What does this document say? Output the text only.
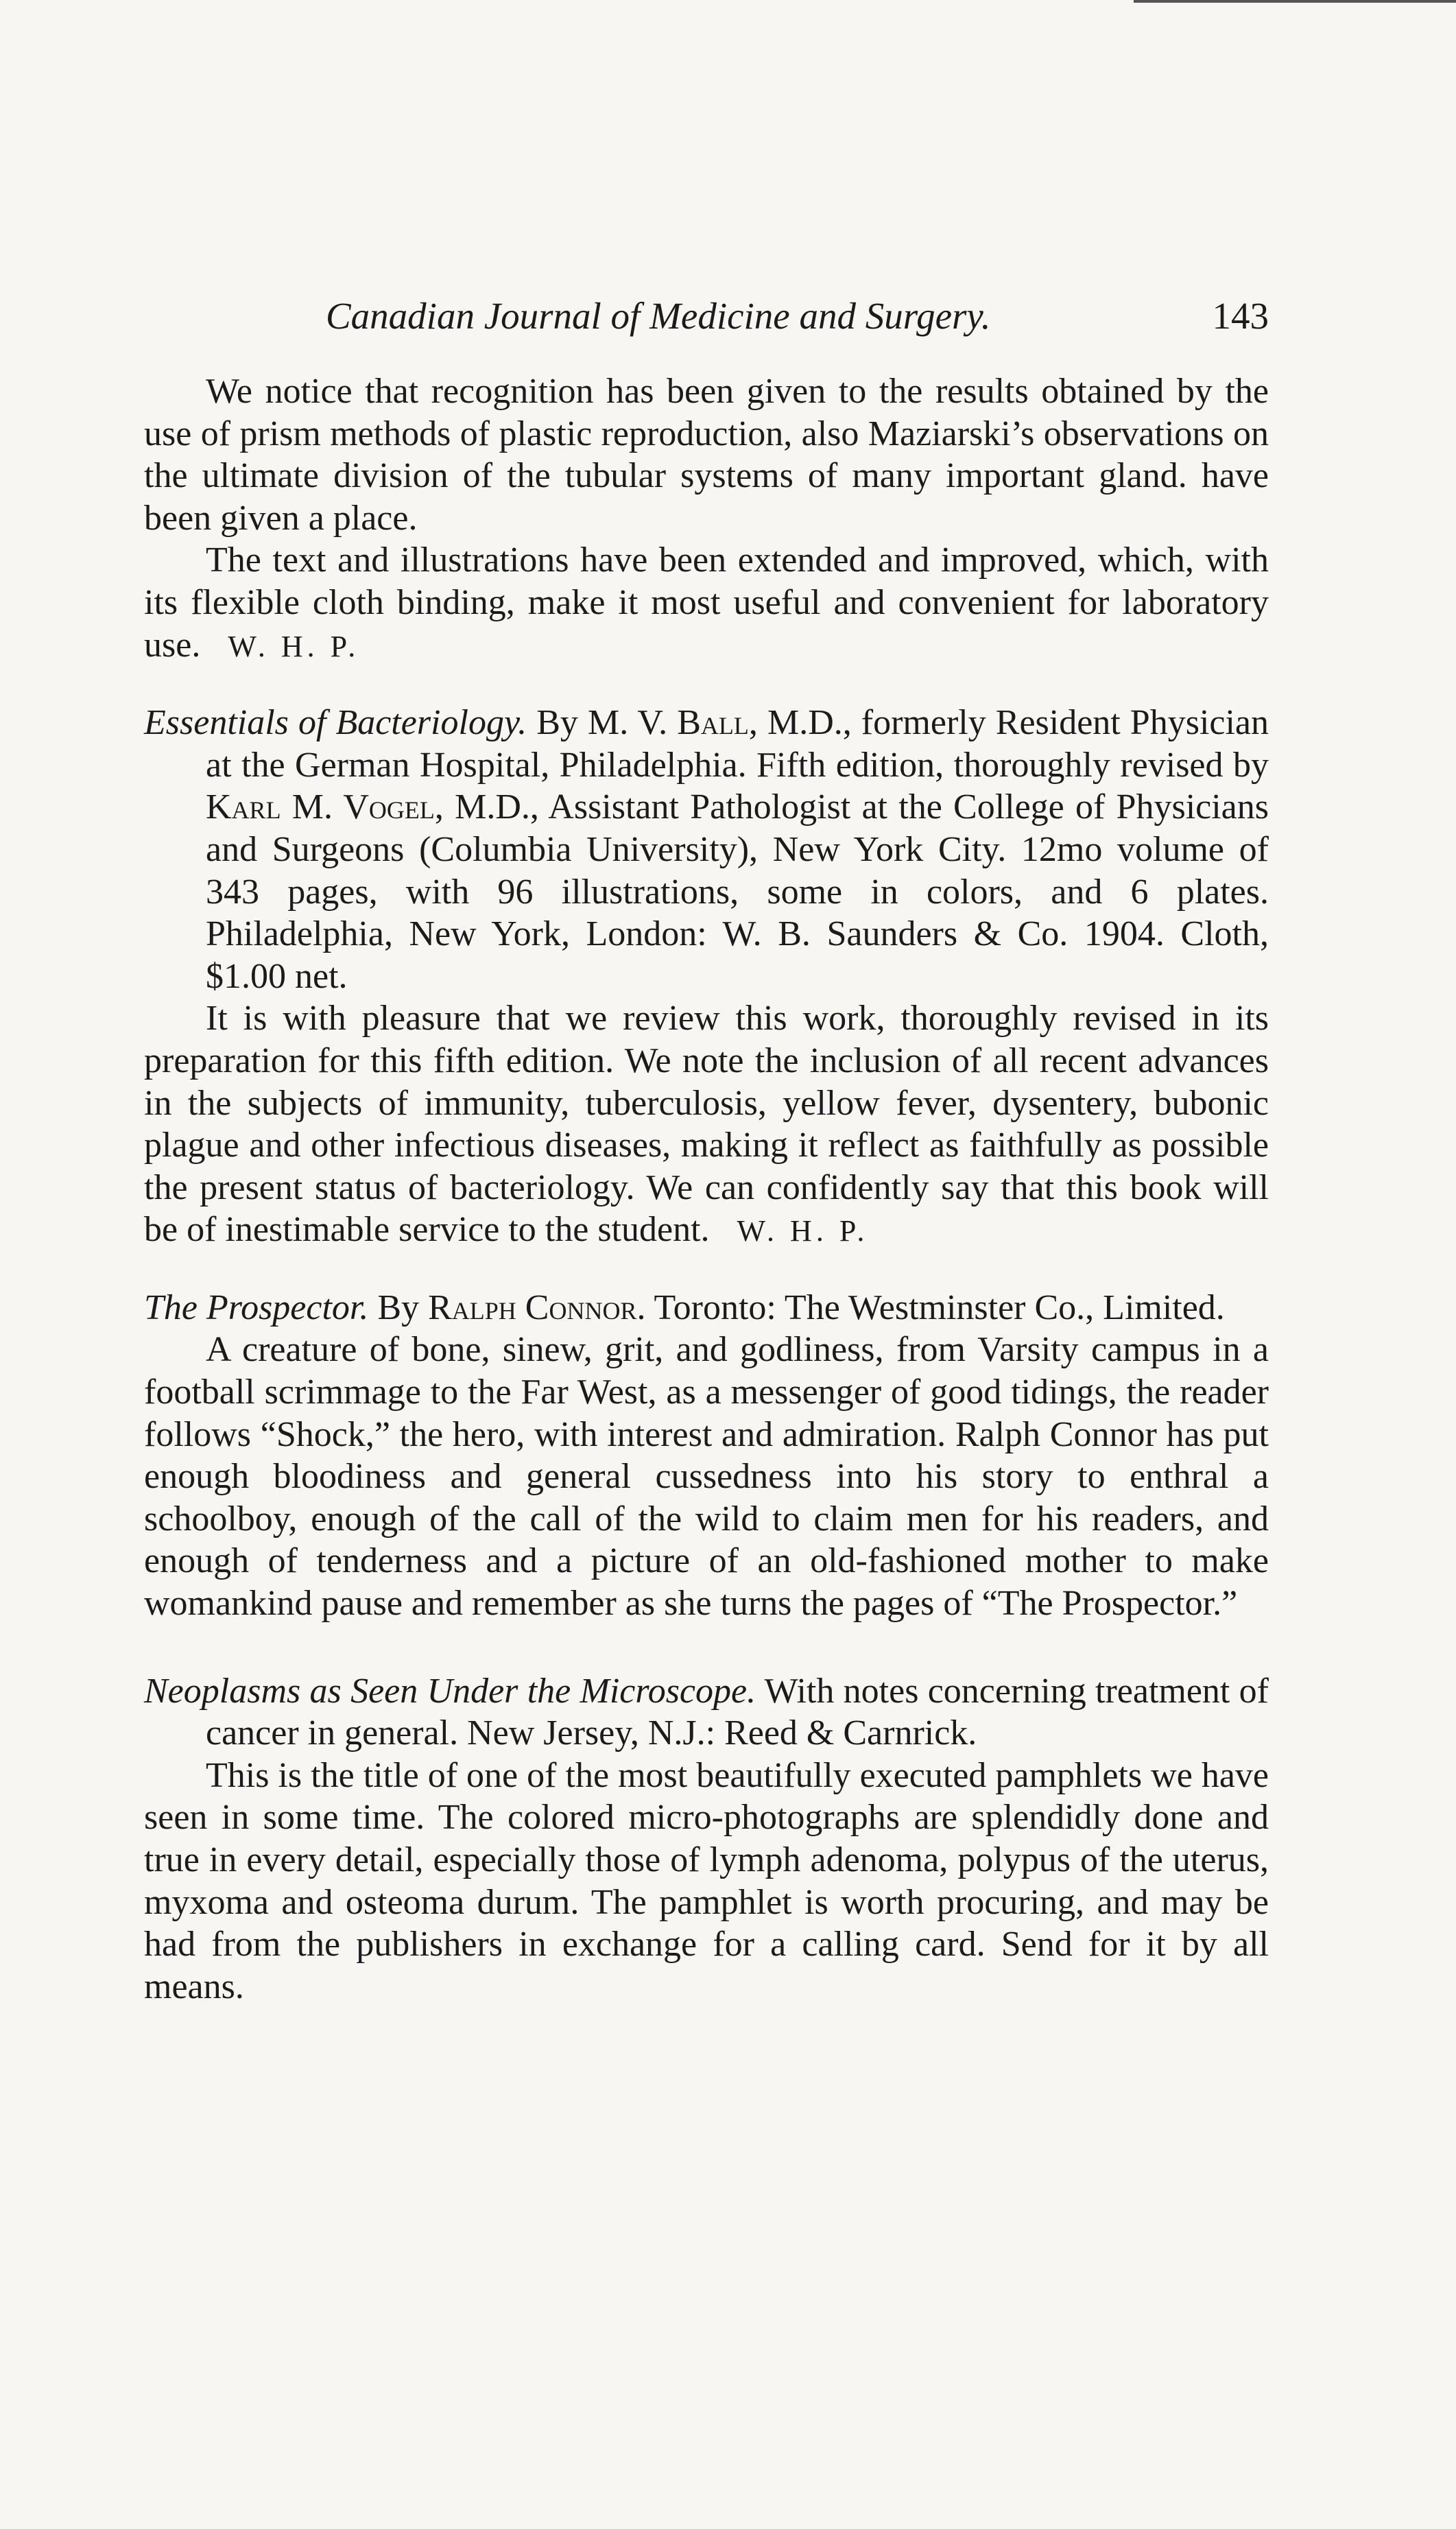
Canadian Journal of Medicine and Surgery.	143

We notice that recognition has been given to the results obtained by the use of prism methods of plastic reproduction, also Maziarski’s observations on the ultimate division of the tubular systems of many important gland. have been given a place.

The text and illustrations have been extended and improved, which, with its flexible cloth binding, make it most useful and convenient for laboratory use. W. H. P.

Essentials of Bacteriology. By M. V. Ball, M.D., formerly Resident Physician at the German Hospital, Philadelphia. Fifth edition, thoroughly revised by Karl M. Vogel, M.D., Assistant Pathologist at the College of Physicians and Surgeons (Columbia University), New York City. 12mo volume of 343 pages, with 96 illustrations, some in colors, and 6 plates. Philadelphia, New York, London: W. B. Saunders & Co. 1904. Cloth, $1.00 net.

It is with pleasure that we review this work, thoroughly revised in its preparation for this fifth edition. We note the inclusion of all recent advances in the subjects of immunity, tuberculosis, yellow fever, dysentery, bubonic plague and other infectious diseases, making it reflect as faithfully as possible the present status of bacteriology. We can confidently say that this book will be of inestimable service to the student. W. H. P.

The Prospector. By Ralph Connor. Toronto: The Westminster Co., Limited.

A creature of bone, sinew, grit, and godliness, from Varsity campus in a football scrimmage to the Far West, as a messenger of good tidings, the reader follows “Shock,” the hero, with interest and admiration. Ralph Connor has put enough bloodiness and general cussedness into his story to enthral a schoolboy, enough of the call of the wild to claim men for his readers, and enough of tenderness and a picture of an old-fashioned mother to make womankind pause and remember as she turns the pages of “The Prospector.”

Neoplasms as Seen Under the Microscope. With notes concerning treatment of cancer in general. New Jersey, N.J.: Reed & Carnrick.

This is the title of one of the most beautifully executed pamphlets we have seen in some time. The colored micro-photographs are splendidly done and true in every detail, especially those of lymph adenoma, polypus of the uterus, myxoma and osteoma durum. The pamphlet is worth procuring, and may be had from the publishers in exchange for a calling card. Send for it by all means.
